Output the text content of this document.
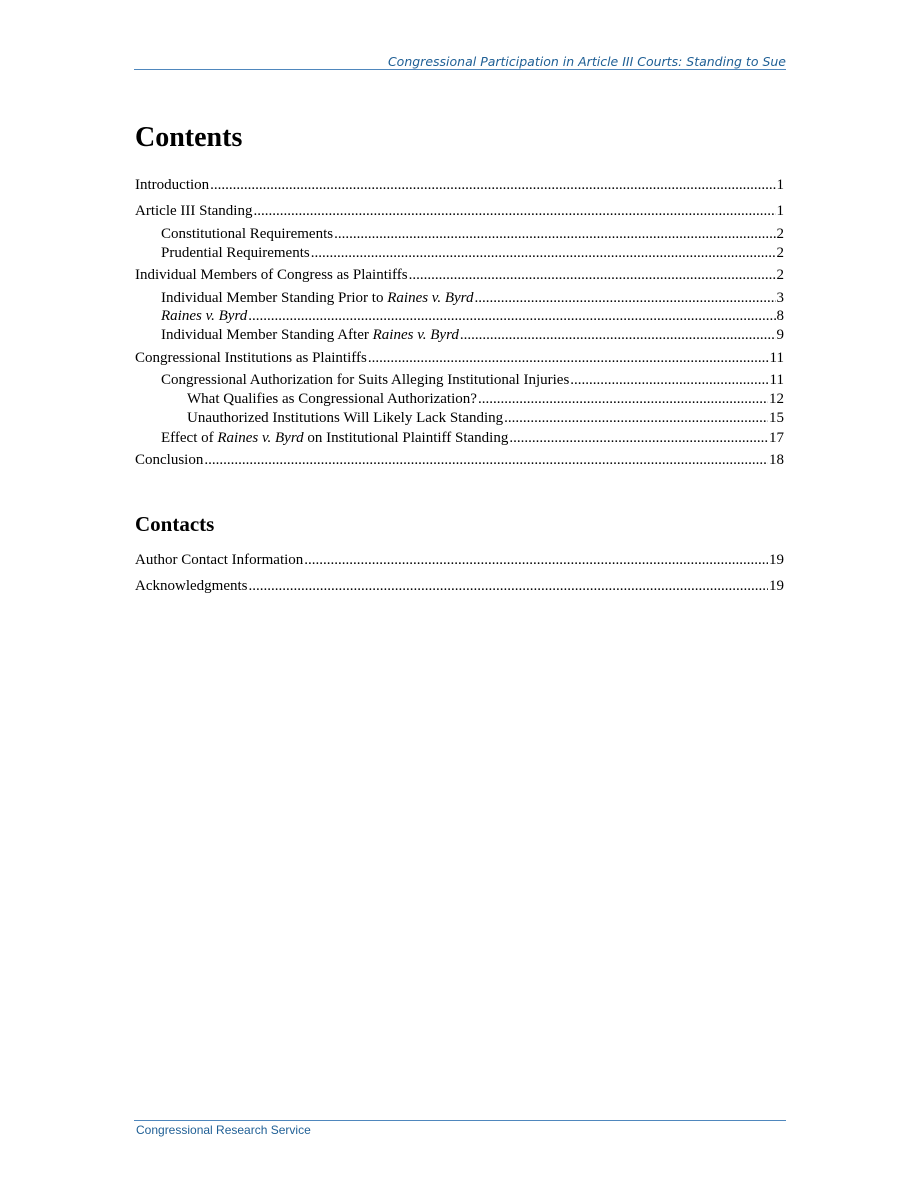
Congressional Participation in Article III Courts: Standing to Sue
Contents
Introduction .....	1
Article III Standing .....	1
Constitutional Requirements .....	2
Prudential Requirements .....	2
Individual Members of Congress as Plaintiffs .....	2
Individual Member Standing Prior to Raines v. Byrd .....	3
Raines v. Byrd .....	8
Individual Member Standing After Raines v. Byrd .....	9
Congressional Institutions as Plaintiffs .....	11
Congressional Authorization for Suits Alleging Institutional Injuries .....	11
What Qualifies as Congressional Authorization? .....	12
Unauthorized Institutions Will Likely Lack Standing .....	15
Effect of Raines v. Byrd on Institutional Plaintiff Standing .....	17
Conclusion .....	18
Contacts
Author Contact Information .....	19
Acknowledgments .....	19
Congressional Research Service
